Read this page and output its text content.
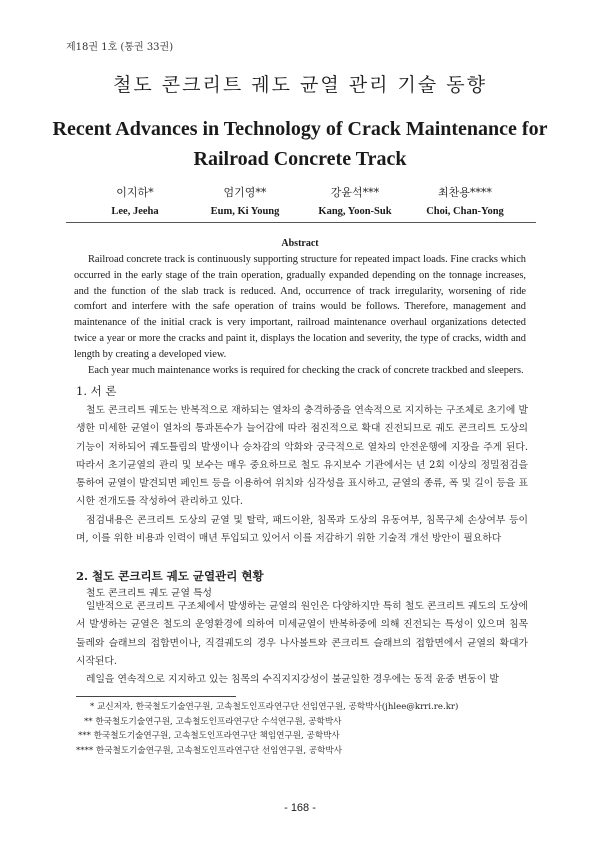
제18권 1호 (통권 33권)
철도 콘크리트 궤도 균열 관리 기술 동향
Recent Advances in Technology of Crack Maintenance for
Railroad Concrete Track
이지하*
Lee, Jeeha
엄기영**
Eum, Ki Young
강윤석***
Kang, Yoon-Suk
최찬용****
Choi, Chan-Yong
Abstract

Railroad concrete track is continuously supporting structure for repeated impact loads. Fine cracks which occurred in the early stage of the train operation, gradually expanded depending on the tonnage increases, and the function of the slab track is reduced. And, occurrence of track irregularity, worsening of ride comfort and interfere with the safe operation of trains would be follows. Therefore, management and maintenance of the initial crack is very important, railroad maintenance overhaul organizations detected twice a year or more the cracks and paint it, displays the location and severity, the type of cracks, width and length by creating a developed view.

Each year much maintenance works is required for checking the crack of concrete trackbed and sleepers.

1. 서 론

철도 콘크리트 궤도는 반복적으로 재하되는 열차의 충격하중을 연속적으로 지지하는 구조체로 초기에 발생한 미세한 균열이 열차의 통과톤수가 늘어감에 따라 점진적으로 확대 진전되므로 궤도 콘크리트 도상의 기능이 저하되어 궤도틀림의 발생이나 승차감의 악화와 궁극적으로 열차의 안전운행에 지장을 주게 된다. 따라서 초기균열의 관리 및 보수는 매우 중요하므로 철도 유지보수 기관에서는 년 2회 이상의 정밀점검을 통하여 균열이 발견되면 페인트 등을 이용하여 위치와 심각성을 표시하고, 균열의 종류, 폭 및 길이 등을 표시한 전개도를 작성하여 관리하고 있다.

점검내용은 콘크리트 도상의 균열 및 탈락, 패드이완, 침목과 도상의 유동여부, 침목구체 손상여부 등이며, 이를 위한 비용과 인력이 매년 투입되고 있어서 이를 저감하기 위한 기술적 개선 방안이 필요하다

2. 철도 콘크리트 궤도 균열관리 현황
철도 콘크리트 궤도 균열 특성

일반적으로 콘크리트 구조체에서 발생하는 균열의 원인은 다양하지만 특히 철도 콘크리트 궤도의 도상에서 발생하는 균열은 철도의 운영환경에 의하여 미세균열이 반복하중에 의해 진전되는 특성이 있으며 침목둘레와 슬래브의 접합면이나, 직결궤도의 경우 나사볼트와 콘크리트 슬래브의 접합면에서 균열의 확대가 시작된다.

레일을 연속적으로 지지하고 있는 침목의 수직지지강성이 불균일한 경우에는 동적 윤중 변동이 발

* 교신저자, 한국철도기술연구원, 고속철도인프라연구단 선임연구원, 공학박사(jhlee@krri.re.kr)
** 한국철도기술연구원, 고속철도인프라연구단 수석연구원, 공학박사
*** 한국철도기술연구원, 고속철도인프라연구단 책임연구원, 공학박사
**** 한국철도기술연구원, 고속철도인프라연구단 선임연구원, 공학박사
- 168 -
